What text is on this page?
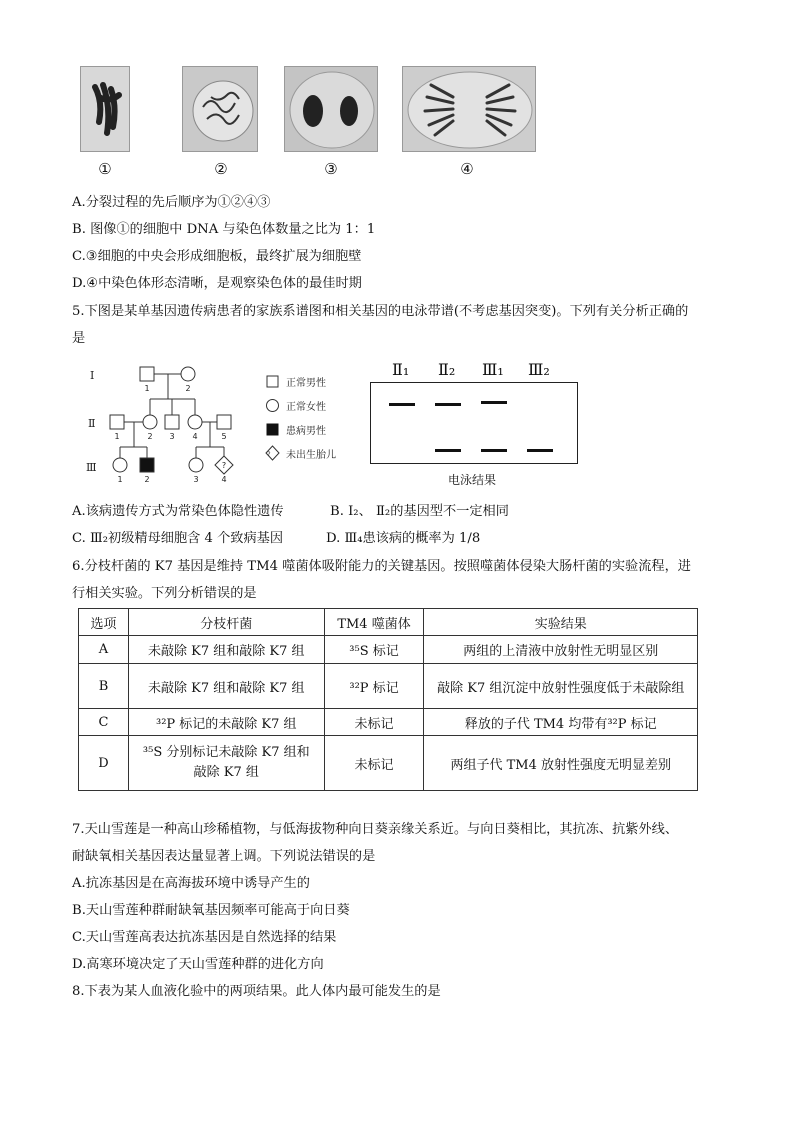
①	②	③	④
A.分裂过程的先后顺序为①②④③
B. 图像①的细胞中 DNA 与染色体数量之比为 1：1
C.③细胞的中央会形成细胞板，最终扩展为细胞壁
D.④中染色体形态清晰，是观察染色体的最佳时期
5.下图是某单基因遗传病患者的家族系谱图和相关基因的电泳带谱(不考虑基因突变)。下列有关分析正确的
是
Ⅰ
Ⅱ
Ⅲ
1	2
1	2 3 4	5
1	2	3	4
?
正常男性
正常女性
患病男性
未出生胎儿
?
Ⅱ₁ Ⅱ₂ Ⅲ₁ Ⅲ₂
电泳结果
A.该病遗传方式为常染色体隐性遗传	B. I₂、 Ⅱ₂的基因型不一定相同
C. Ⅲ₂初级精母细胞含 4 个致病基因	D. Ⅲ₄患该病的概率为 1/8
6.分枝杆菌的 K7 基因是维持 TM4 噬菌体吸附能力的关键基因。按照噬菌体侵染大肠杆菌的实验流程，进
行相关实验。下列分析错误的是
选项	分枝杆菌	TM4 噬菌体	实验结果
A	未敲除 K7 组和敲除 K7 组	³⁵S 标记	两组的上清液中放射性无明显区别
B	未敲除 K7 组和敲除 K7 组	³²P 标记	敲除 K7 组沉淀中放射性强度低于未敲除组
C	³²P 标记的未敲除 K7 组	未标记	释放的子代 TM4 均带有³²P 标记
D	³⁵S 分别标记未敲除 K7 组和敲除 K7 组	未标记	两组子代 TM4 放射性强度无明显差别
7.天山雪莲是一种高山珍稀植物，与低海拔物种向日葵亲缘关系近。与向日葵相比，其抗冻、抗紫外线、
耐缺氧相关基因表达量显著上调。下列说法错误的是
A.抗冻基因是在高海拔环境中诱导产生的
B.天山雪莲种群耐缺氧基因频率可能高于向日葵
C.天山雪莲高表达抗冻基因是自然选择的结果
D.高寒环境决定了天山雪莲种群的进化方向
8.下表为某人血液化验中的两项结果。此人体内最可能发生的是
